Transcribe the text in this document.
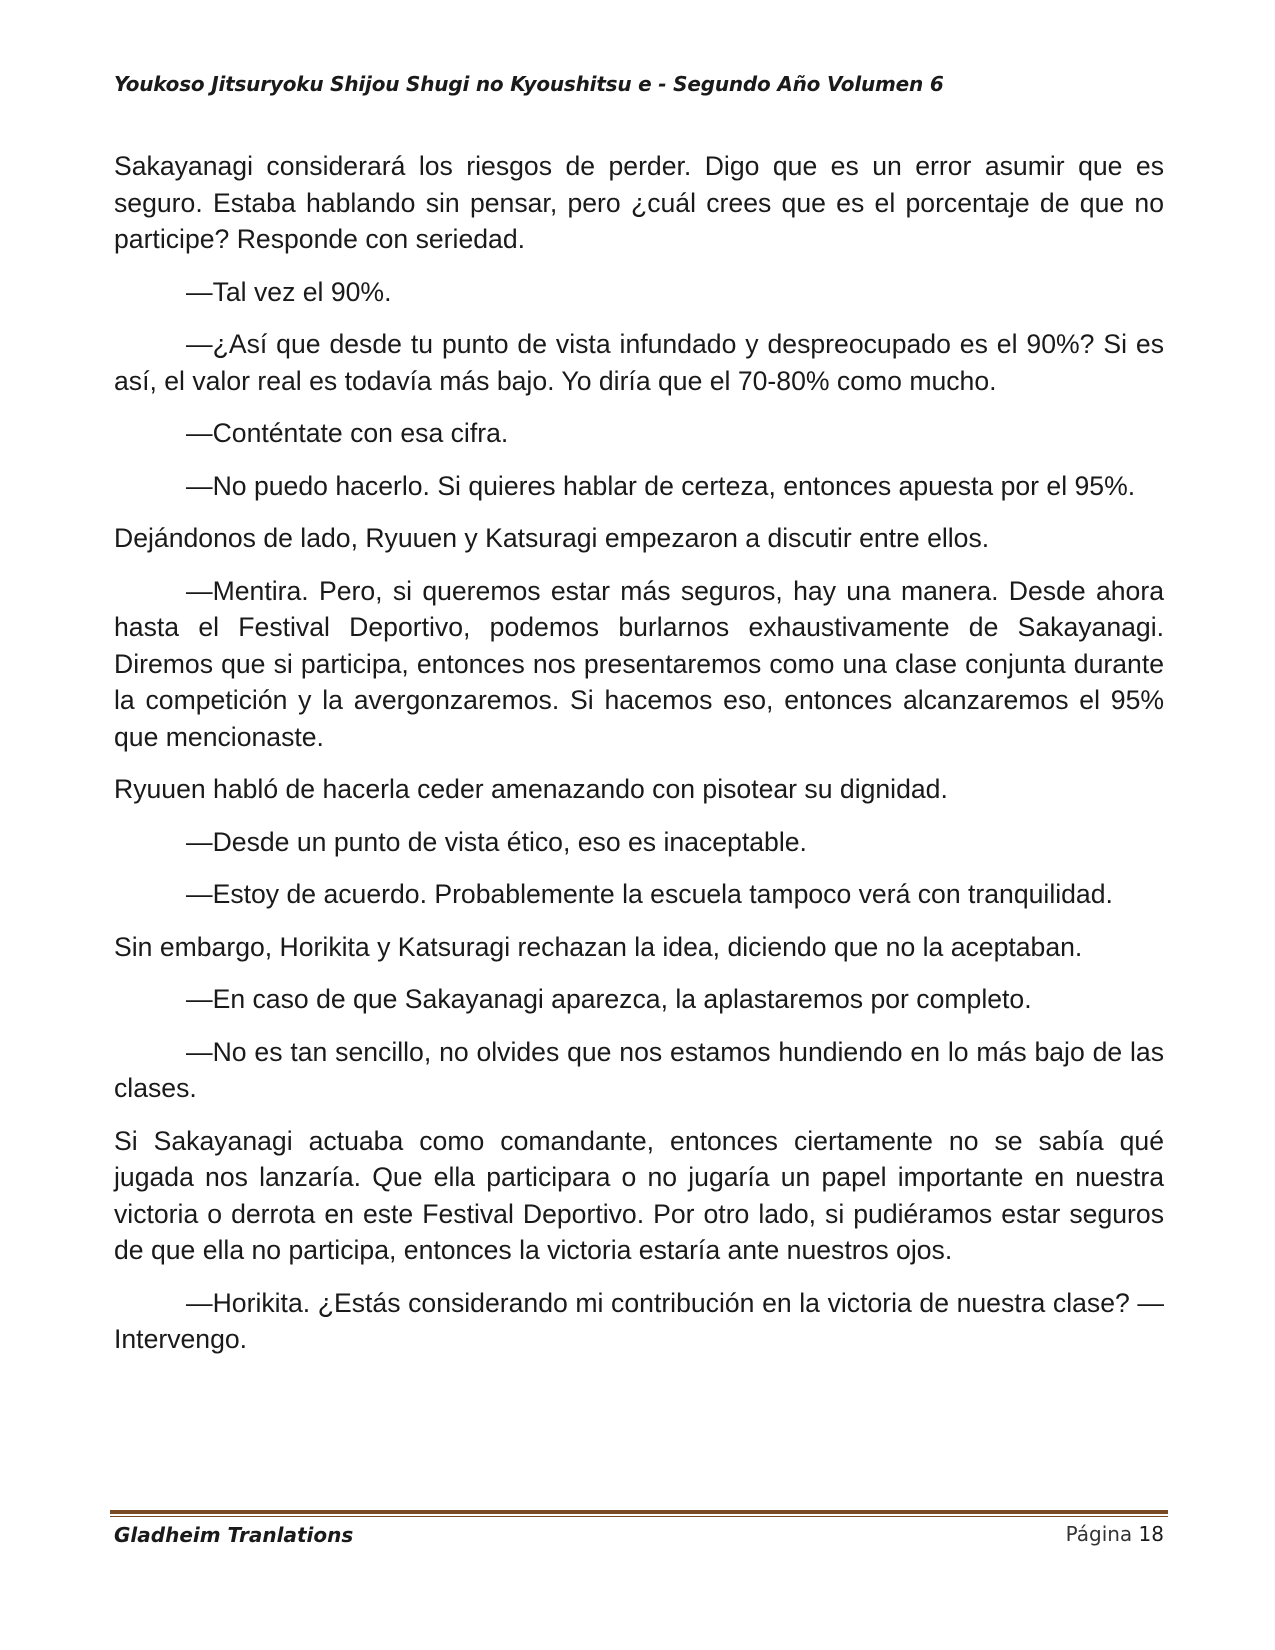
Youkoso Jitsuryoku Shijou Shugi no Kyoushitsu e - Segundo Año Volumen 6

Sakayanagi considerará los riesgos de perder. Digo que es un error asumir que es seguro. Estaba hablando sin pensar, pero ¿cuál crees que es el porcentaje de que no participe? Responde con seriedad.

—Tal vez el 90%.

—¿Así que desde tu punto de vista infundado y despreocupado es el 90%? Si es así, el valor real es todavía más bajo. Yo diría que el 70-80% como mucho.

—Conténtate con esa cifra.

—No puedo hacerlo. Si quieres hablar de certeza, entonces apuesta por el 95%.

Dejándonos de lado, Ryuuen y Katsuragi empezaron a discutir entre ellos.

—Mentira. Pero, si queremos estar más seguros, hay una manera. Desde ahora hasta el Festival Deportivo, podemos burlarnos exhaustivamente de Sakayanagi. Diremos que si participa, entonces nos presentaremos como una clase conjunta durante la competición y la avergonzaremos. Si hacemos eso, entonces alcanzaremos el 95% que mencionaste.

Ryuuen habló de hacerla ceder amenazando con pisotear su dignidad.

—Desde un punto de vista ético, eso es inaceptable.

—Estoy de acuerdo. Probablemente la escuela tampoco verá con tranquilidad.

Sin embargo, Horikita y Katsuragi rechazan la idea, diciendo que no la aceptaban.

—En caso de que Sakayanagi aparezca, la aplastaremos por completo.

—No es tan sencillo, no olvides que nos estamos hundiendo en lo más bajo de las clases.

Si Sakayanagi actuaba como comandante, entonces ciertamente no se sabía qué jugada nos lanzaría. Que ella participara o no jugaría un papel importante en nuestra victoria o derrota en este Festival Deportivo. Por otro lado, si pudiéramos estar seguros de que ella no participa, entonces la victoria estaría ante nuestros ojos.

—Horikita. ¿Estás considerando mi contribución en la victoria de nuestra clase? —Intervengo.

Gladheim Tranlations	Página 18
